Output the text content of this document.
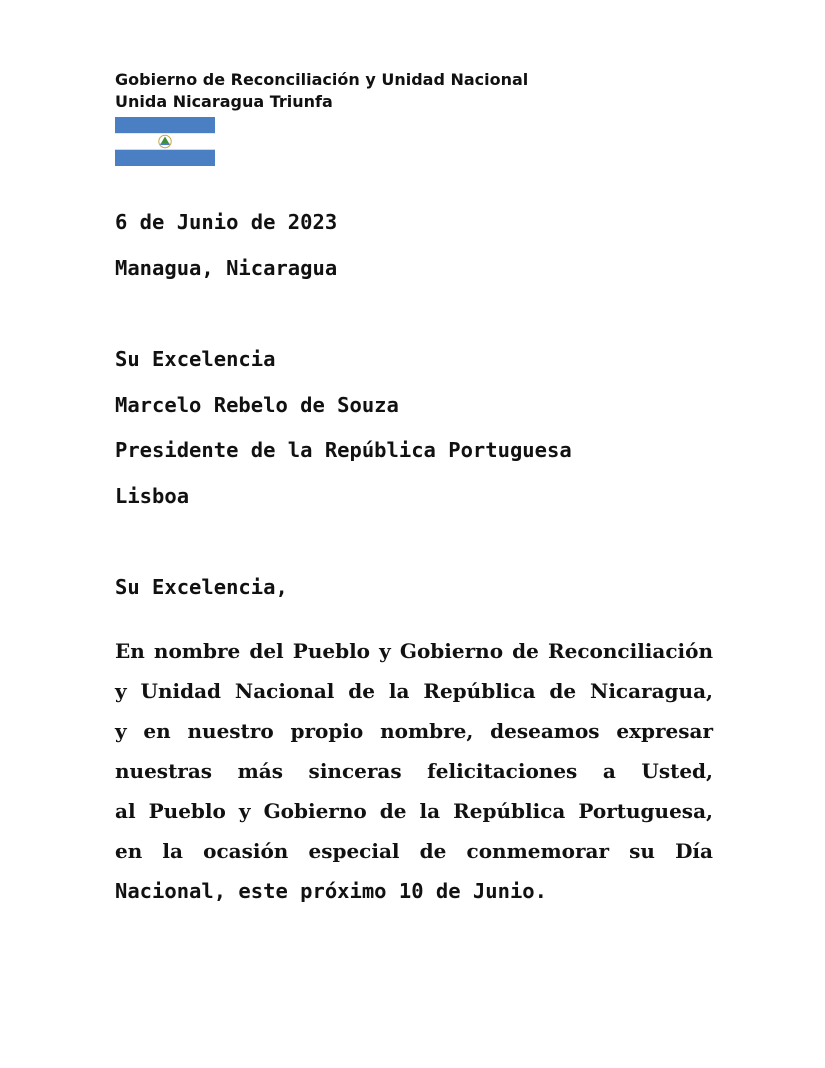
Gobierno de Reconciliación y Unidad Nacional
Unida Nicaragua Triunfa
6 de Junio de 2023
Managua, Nicaragua
Su Excelencia
Marcelo Rebelo de Souza
Presidente de la República Portuguesa
Lisboa
Su Excelencia,
En nombre del Pueblo y Gobierno de Reconciliación
y Unidad Nacional de la República de Nicaragua,
y en nuestro propio nombre, deseamos expresar
nuestras más sinceras felicitaciones a Usted,
al Pueblo y Gobierno de la República Portuguesa,
en la ocasión especial de conmemorar su Día
Nacional, este próximo 10 de Junio.
